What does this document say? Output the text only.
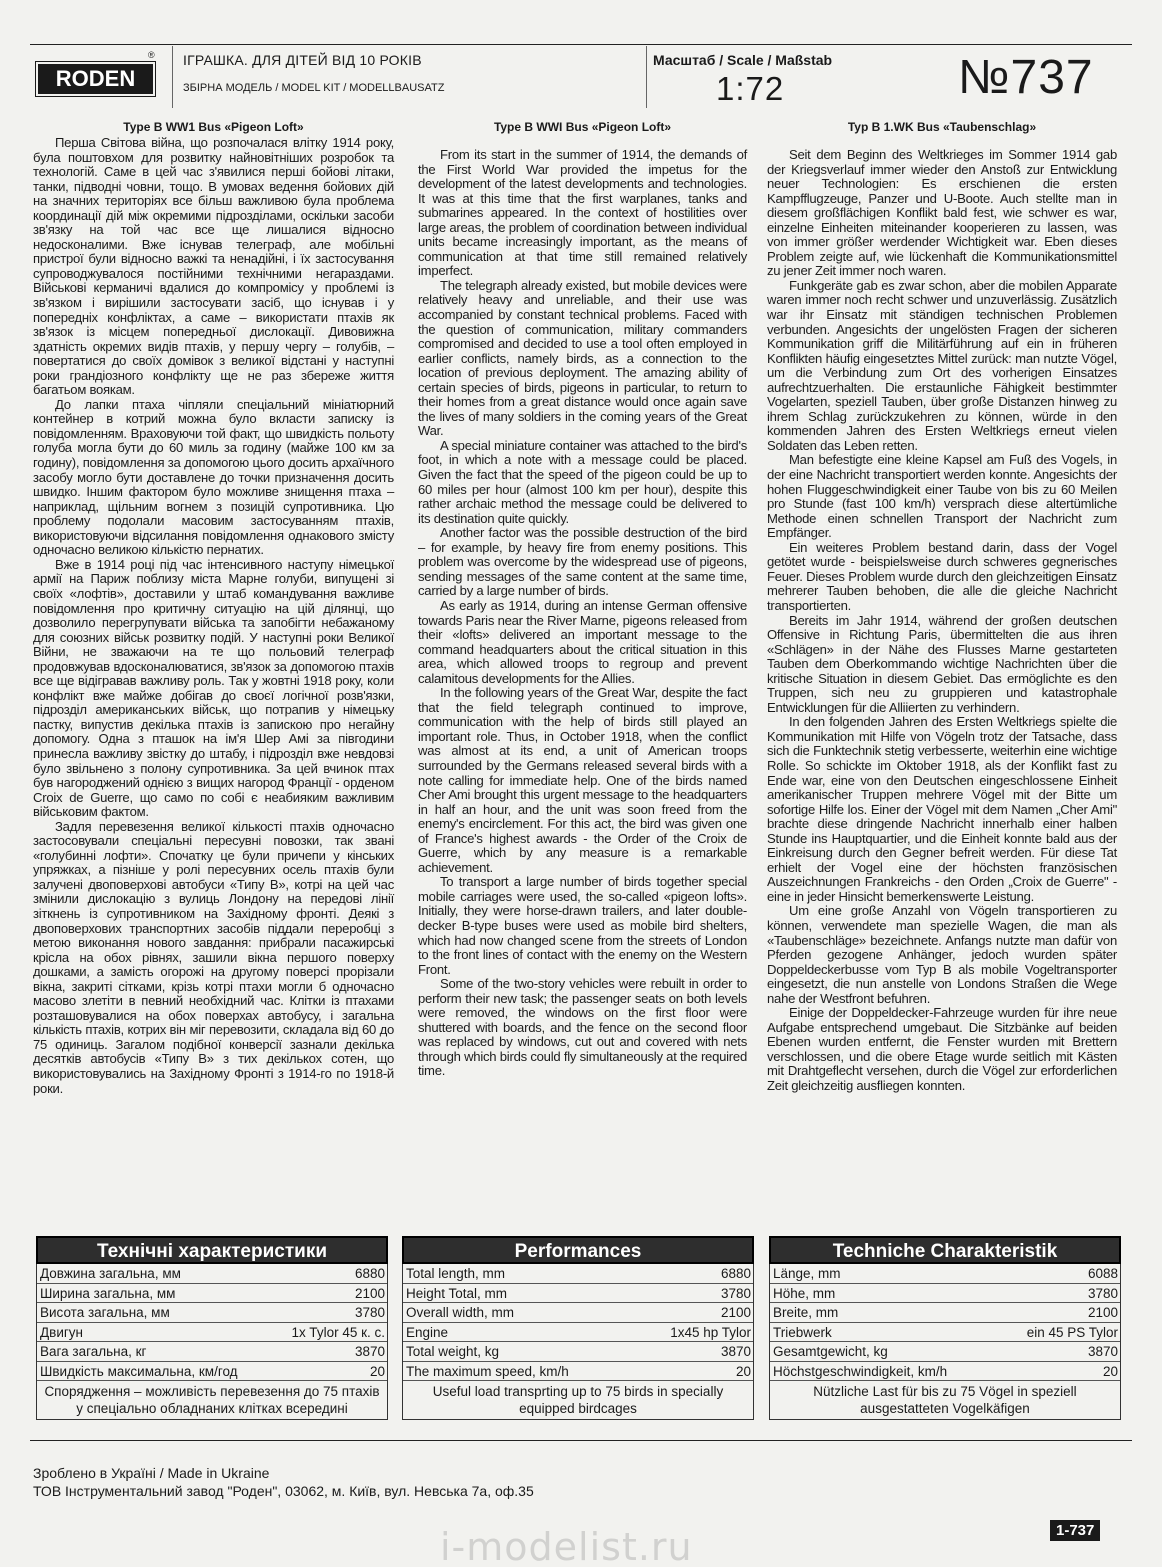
RODEN
® ІГРАШКА. ДЛЯ ДІТЕЙ ВІД 10 РОКІВ
ЗБІРНА МОДЕЛЬ / MODEL KIT / MODELLBAUSATZ
Масштаб / Scale / Maßstab
1:72	№737
Type B WW1 Bus «Pigeon Loft»	Type B WWI Bus «Pigeon Loft»	Typ B 1.WK Bus «Taubenschlag»

Перша Світова війна, що розпочалася влітку 1914 року, була поштовхом для розвитку найновітніших розробок та технологій. Саме в цей час з'явилися перші бойові літаки, танки, підводні човни, тощо. В умовах ведення бойових дій на значних територіях все більш важливою була проблема координації дій між окремими підрозділами, оскільки засоби зв'язку на той час все ще лишалися відносно недосконалими. Вже існував телеграф, але мобільні пристрої були відносно важкі та ненадійні, і їх застосування супроводжувалося постійними технічними негараздами. Військові керманичі вдалися до компромісу у проблемі із зв'язком і вирішили застосувати засіб, що існував і у попередніх конфліктах, а саме – використати птахів як зв'язок із місцем попередньої дислокації. Дивовижна здатність окремих видів птахів, у першу чергу – голубів, – повертатися до своїх домівок з великої відстані у наступні роки грандіозного конфлікту ще не раз збереже життя багатьом воякам.

До лапки птаха чіпляли спеціальний мініатюрний контейнер в котрий можна було вкласти записку із повідомленням. Враховуючи той факт, що швидкість польоту голуба могла бути до 60 миль за годину (майже 100 км за годину), повідомлення за допомогою цього досить архаїчного засобу могло бути доставлене до точки призначення досить швидко. Іншим фактором було можливе знищення птаха – наприклад, щільним вогнем з позицій супротивника. Цю проблему подолали масовим застосуванням птахів, використовуючи відсилання повідомлення однакового змісту одночасно великою кількістю пернатих.

Вже в 1914 році під час інтенсивного наступу німецької армії на Париж поблизу міста Марне голуби, випущені зі своїх «лофтів», доставили у штаб командування важливе повідомлення про критичну ситуацію на цій ділянці, що дозволило перегрупувати війська та запобігти небажаному для союзних військ розвитку подій. У наступні роки Великої Війни, не зважаючи на те що польовий телеграф продовжував вдосконалюватися, зв'язок за допомогою птахів все ще відігравав важливу роль. Так у жовтні 1918 року, коли конфлікт вже майже добігав до своєї логічної розв'язки, підрозділ американських військ, що потрапив у німецьку пастку, випустив декілька птахів із запискою про негайну допомогу. Одна з пташок на ім'я Шер Амі за півгодини принесла важливу звістку до штабу, і підрозділ вже невдовзі було звільнено з полону супротивника. За цей вчинок птах був нагороджений однією з вищих нагород Франції - орденом Croix de Guerre, що само по собі є неабияким важливим військовим фактом.

Задля перевезення великої кількості птахів одночасно застосовували спеціальні пересувні повозки, так звані «голубинні лофти». Спочатку це були причепи у кінських упряжках, а пізніше у ролі пересувних осель птахів були залучені двоповерхові автобуси «Типу В», котрі на цей час змінили дислокацію з вулиць Лондону на передові лінії зіткнень із супротивником на Західному фронті. Деякі з двоповерхових транспортних засобів піддали переробці з метою виконання нового завдання: прибрали пасажирські крісла на обох рівнях, зашили вікна першого поверху дошками, а замість огорожі на другому поверсі прорізали вікна, закриті сітками, крізь котрі птахи могли б одночасно масово злетіти в певний необхідний час. Клітки із птахами розташовувалися на обох поверхах автобусу, і загальна кількість птахів, котрих він міг перевозити, складала від 60 до 75 одиниць. Загалом подібної конверсії зазнали декілька десятків автобусів «Типу В» з тих декількох сотен, що використовувались на Західному Фронті з 1914-го по 1918-й роки.

From its start in the summer of 1914, the demands of the First World War provided the impetus for the development of the latest developments and technologies. It was at this time that the first warplanes, tanks and submarines appeared. In the context of hostilities over large areas, the problem of coordination between individual units became increasingly important, as the means of communication at that time still remained relatively imperfect.

The telegraph already existed, but mobile devices were relatively heavy and unreliable, and their use was accompanied by constant technical problems. Faced with the question of communication, military commanders compromised and decided to use a tool often employed in earlier conflicts, namely birds, as a connection to the location of previous deployment. The amazing ability of certain species of birds, pigeons in particular, to return to their homes from a great distance would once again save the lives of many soldiers in the coming years of the Great War.

A special miniature container was attached to the bird's foot, in which a note with a message could be placed. Given the fact that the speed of the pigeon could be up to 60 miles per hour (almost 100 km per hour), despite this rather archaic method the message could be delivered to its destination quite quickly.

Another factor was the possible destruction of the bird – for example, by heavy fire from enemy positions. This problem was overcome by the widespread use of pigeons, sending messages of the same content at the same time, carried by a large number of birds.

As early as 1914, during an intense German offensive towards Paris near the River Marne, pigeons released from their «lofts» delivered an important message to the command headquarters about the critical situation in this area, which allowed troops to regroup and prevent calamitous developments for the Allies.

In the following years of the Great War, despite the fact that the field telegraph continued to improve, communication with the help of birds still played an important role. Thus, in October 1918, when the conflict was almost at its end, a unit of American troops surrounded by the Germans released several birds with a note calling for immediate help. One of the birds named Cher Ami brought this urgent message to the headquarters in half an hour, and the unit was soon freed from the enemy's encirclement. For this act, the bird was given one of France's highest awards - the Order of the Croix de Guerre, which by any measure is a remarkable achievement.

To transport a large number of birds together special mobile carriages were used, the so-called «pigeon lofts». Initially, they were horse-drawn trailers, and later double-decker B-type buses were used as mobile bird shelters, which had now changed scene from the streets of London to the front lines of contact with the enemy on the Western Front.

Some of the two-story vehicles were rebuilt in order to perform their new task; the passenger seats on both levels were removed, the windows on the first floor were shuttered with boards, and the fence on the second floor was replaced by windows, cut out and covered with nets through which birds could fly simultaneously at the required time.

Seit dem Beginn des Weltkrieges im Sommer 1914 gab der Kriegsverlauf immer wieder den Anstoß zur Entwicklung neuer Technologien: Es erschienen die ersten Kampfflugzeuge, Panzer und U-Boote. Auch stellte man in diesem großflächigen Konflikt bald fest, wie schwer es war, einzelne Einheiten miteinander kooperieren zu lassen, was von immer größer werdender Wichtigkeit war. Eben dieses Problem zeigte auf, wie lückenhaft die Kommunikationsmittel zu jener Zeit immer noch waren.

Funkgeräte gab es zwar schon, aber die mobilen Apparate waren immer noch recht schwer und unzuverlässig. Zusätzlich war ihr Einsatz mit ständigen technischen Problemen verbunden. Angesichts der ungelösten Fragen der sicheren Kommunikation griff die Militärführung auf ein in früheren Konflikten häufig eingesetztes Mittel zurück: man nutzte Vögel, um die Verbindung zum Ort des vorherigen Einsatzes aufrechtzuerhalten. Die erstaunliche Fähigkeit bestimmter Vogelarten, speziell Tauben, über große Distanzen hinweg zu ihrem Schlag zurückzukehren zu können, würde in den kommenden Jahren des Ersten Weltkriegs erneut vielen Soldaten das Leben retten.

Man befestigte eine kleine Kapsel am Fuß des Vogels, in der eine Nachricht transportiert werden konnte. Angesichts der hohen Fluggeschwindigkeit einer Taube von bis zu 60 Meilen pro Stunde (fast 100 km/h) versprach diese altertümliche Methode einen schnellen Transport der Nachricht zum Empfänger.

Ein weiteres Problem bestand darin, dass der Vogel getötet wurde - beispielsweise durch schweres gegnerisches Feuer. Dieses Problem wurde durch den gleichzeitigen Einsatz mehrerer Tauben behoben, die alle die gleiche Nachricht transportierten.

Bereits im Jahr 1914, während der großen deutschen Offensive in Richtung Paris, übermittelten die aus ihren «Schlägen» in der Nähe des Flusses Marne gestarteten Tauben dem Oberkommando wichtige Nachrichten über die kritische Situation in diesem Gebiet. Das ermöglichte es den Truppen, sich neu zu gruppieren und katastrophale Entwicklungen für die Alliierten zu verhindern.

In den folgenden Jahren des Ersten Weltkriegs spielte die Kommunikation mit Hilfe von Vögeln trotz der Tatsache, dass sich die Funktechnik stetig verbesserte, weiterhin eine wichtige Rolle. So schickte im Oktober 1918, als der Konflikt fast zu Ende war, eine von den Deutschen eingeschlossene Einheit amerikanischer Truppen mehrere Vögel mit der Bitte um sofortige Hilfe los. Einer der Vögel mit dem Namen „Cher Ami" brachte diese dringende Nachricht innerhalb einer halben Stunde ins Hauptquartier, und die Einheit konnte bald aus der Einkreisung durch den Gegner befreit werden. Für diese Tat erhielt der Vogel eine der höchsten französischen Auszeichnungen Frankreichs - den Orden „Croix de Guerre" - eine in jeder Hinsicht bemerkenswerte Leistung.

Um eine große Anzahl von Vögeln transportieren zu können, verwendete man spezielle Wagen, die man als «Taubenschläge» bezeichnete. Anfangs nutzte man dafür von Pferden gezogene Anhänger, jedoch wurden später Doppeldeckerbusse vom Typ B als mobile Vogeltransporter eingesetzt, die nun anstelle von Londons Straßen die Wege nahe der Westfront befuhren.

Einige der Doppeldecker-Fahrzeuge wurden für ihre neue Aufgabe entsprechend umgebaut. Die Sitzbänke auf beiden Ebenen wurden entfernt, die Fenster wurden mit Brettern verschlossen, und die obere Etage wurde seitlich mit Kästen mit Drahtgeflecht versehen, durch die Vögel zur erforderlichen Zeit gleichzeitig ausfliegen konnten.

Технічні характеристики
Довжина загальна, мм	6880
Ширина загальна, мм	2100
Висота загальна, мм	3780
Двигун	1x Tylor 45 к. с.
Вага загальна, кг	3870
Швидкість максимальна, км/год	20
Спорядження – можливість перевезення до 75 птахів у спеціально обладнаних клітках всередині
Performances
Total length, mm	6880
Height Total, mm	3780
Overall width, mm	2100
Engine	1x45 hp Tylor
Total weight, kg	3870
The maximum speed, km/h	20
Useful load transprting up to 75 birds in specially equipped birdcages
Techniche Charakteristik
Länge, mm	6088
Höhe, mm	3780
Breite, mm	2100
Triebwerk	ein 45 PS Tylor
Gesamtgewicht, kg	3870
Höchstgeschwindigkeit, km/h	20
Nützliche Last für bis zu 75 Vögel in speziell ausgestatteten Vogelkäfigen
Зроблено в Україні / Made in Ukraine
ТОВ Інструментальний завод "Роден", 03062, м. Київ, вул. Невська 7а, оф.35
i-modelist.ru	1-737
